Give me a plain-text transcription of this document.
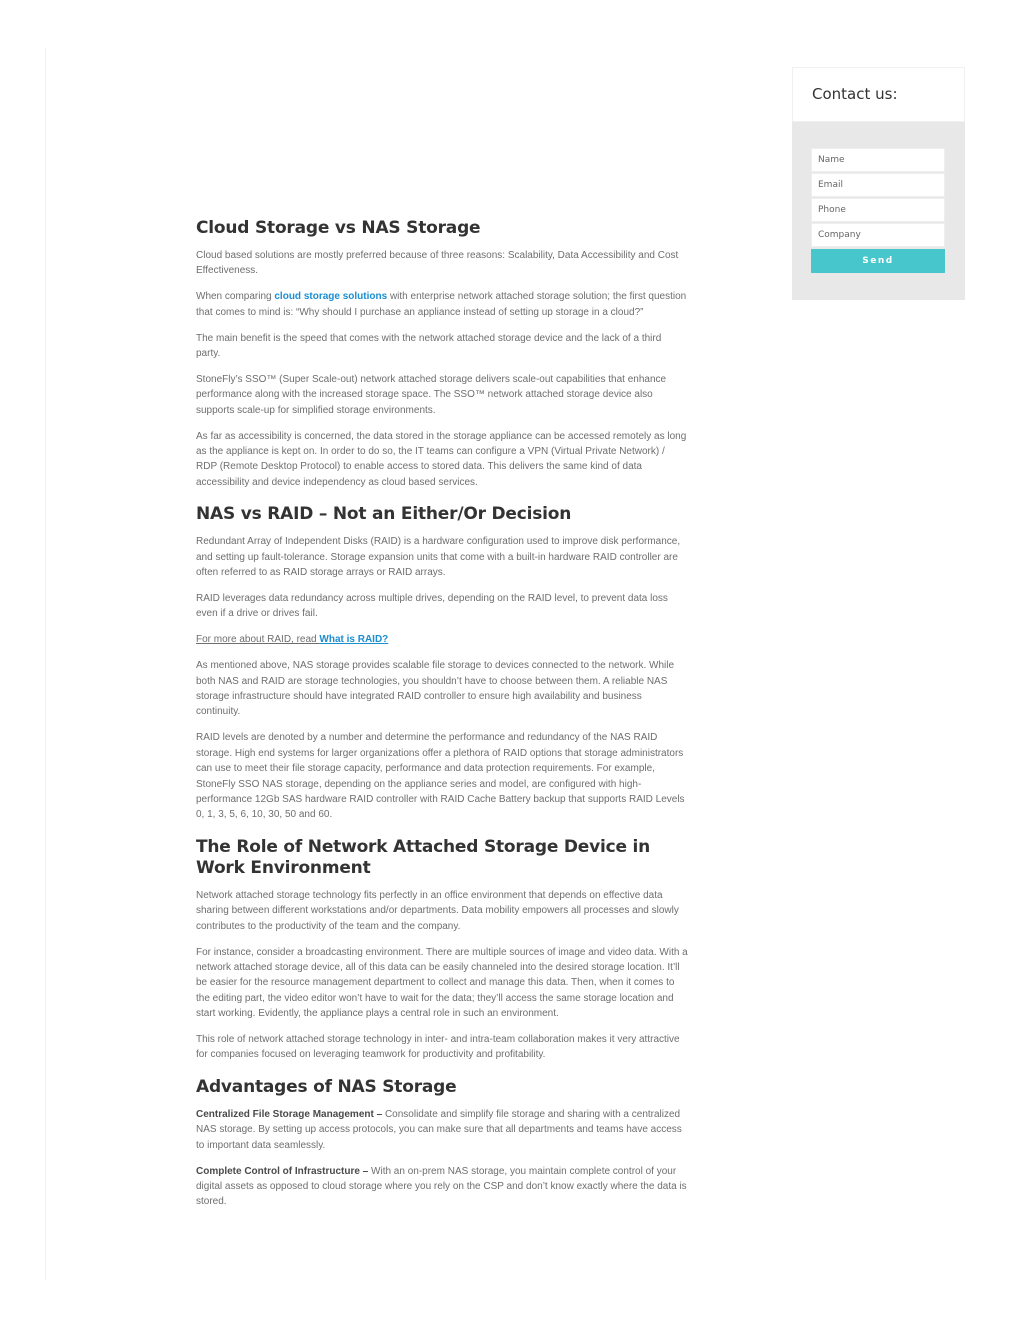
Cloud Storage vs NAS Storage

Cloud based solutions are mostly preferred because of three reasons: Scalability, Data Accessibility and Cost Effectiveness.

When comparing cloud storage solutions with enterprise network attached storage solution; the first question that comes to mind is: “Why should I purchase an appliance instead of setting up storage in a cloud?”

The main benefit is the speed that comes with the network attached storage device and the lack of a third party.

StoneFly’s SSO™ (Super Scale-out) network attached storage delivers scale-out capabilities that enhance performance along with the increased storage space. The SSO™ network attached storage device also supports scale-up for simplified storage environments.

As far as accessibility is concerned, the data stored in the storage appliance can be accessed remotely as long as the appliance is kept on. In order to do so, the IT teams can configure a VPN (Virtual Private Network) / RDP (Remote Desktop Protocol) to enable access to stored data. This delivers the same kind of data accessibility and device independency as cloud based services.

NAS vs RAID – Not an Either/Or Decision

Redundant Array of Independent Disks (RAID) is a hardware configuration used to improve disk performance, and setting up fault-tolerance. Storage expansion units that come with a built-in hardware RAID controller are often referred to as RAID storage arrays or RAID arrays.

RAID leverages data redundancy across multiple drives, depending on the RAID level, to prevent data loss even if a drive or drives fail.

For more about RAID, read What is RAID?

As mentioned above, NAS storage provides scalable file storage to devices connected to the network. While both NAS and RAID are storage technologies, you shouldn’t have to choose between them. A reliable NAS storage infrastructure should have integrated RAID controller to ensure high availability and business continuity.

RAID levels are denoted by a number and determine the performance and redundancy of the NAS RAID storage. High end systems for larger organizations offer a plethora of RAID options that storage administrators can use to meet their file storage capacity, performance and data protection requirements. For example, StoneFly SSO NAS storage, depending on the appliance series and model, are configured with high-performance 12Gb SAS hardware RAID controller with RAID Cache Battery backup that supports RAID Levels 0, 1, 3, 5, 6, 10, 30, 50 and 60.

The Role of Network Attached Storage Device in Work Environment

Network attached storage technology fits perfectly in an office environment that depends on effective data sharing between different workstations and/or departments. Data mobility empowers all processes and slowly contributes to the productivity of the team and the company.

For instance, consider a broadcasting environment. There are multiple sources of image and video data. With a network attached storage device, all of this data can be easily channeled into the desired storage location. It’ll be easier for the resource management department to collect and manage this data. Then, when it comes to the editing part, the video editor won’t have to wait for the data; they’ll access the same storage location and start working. Evidently, the appliance plays a central role in such an environment.

This role of network attached storage technology in inter- and intra-team collaboration makes it very attractive for companies focused on leveraging teamwork for productivity and profitability.

Advantages of NAS Storage

Centralized File Storage Management – Consolidate and simplify file storage and sharing with a centralized NAS storage. By setting up access protocols, you can make sure that all departments and teams have access to important data seamlessly.

Complete Control of Infrastructure – With an on-prem NAS storage, you maintain complete control of your digital assets as opposed to cloud storage where you rely on the CSP and don’t know exactly where the data is stored.

Contact us:
Name
Email
Phone
Company
Send
